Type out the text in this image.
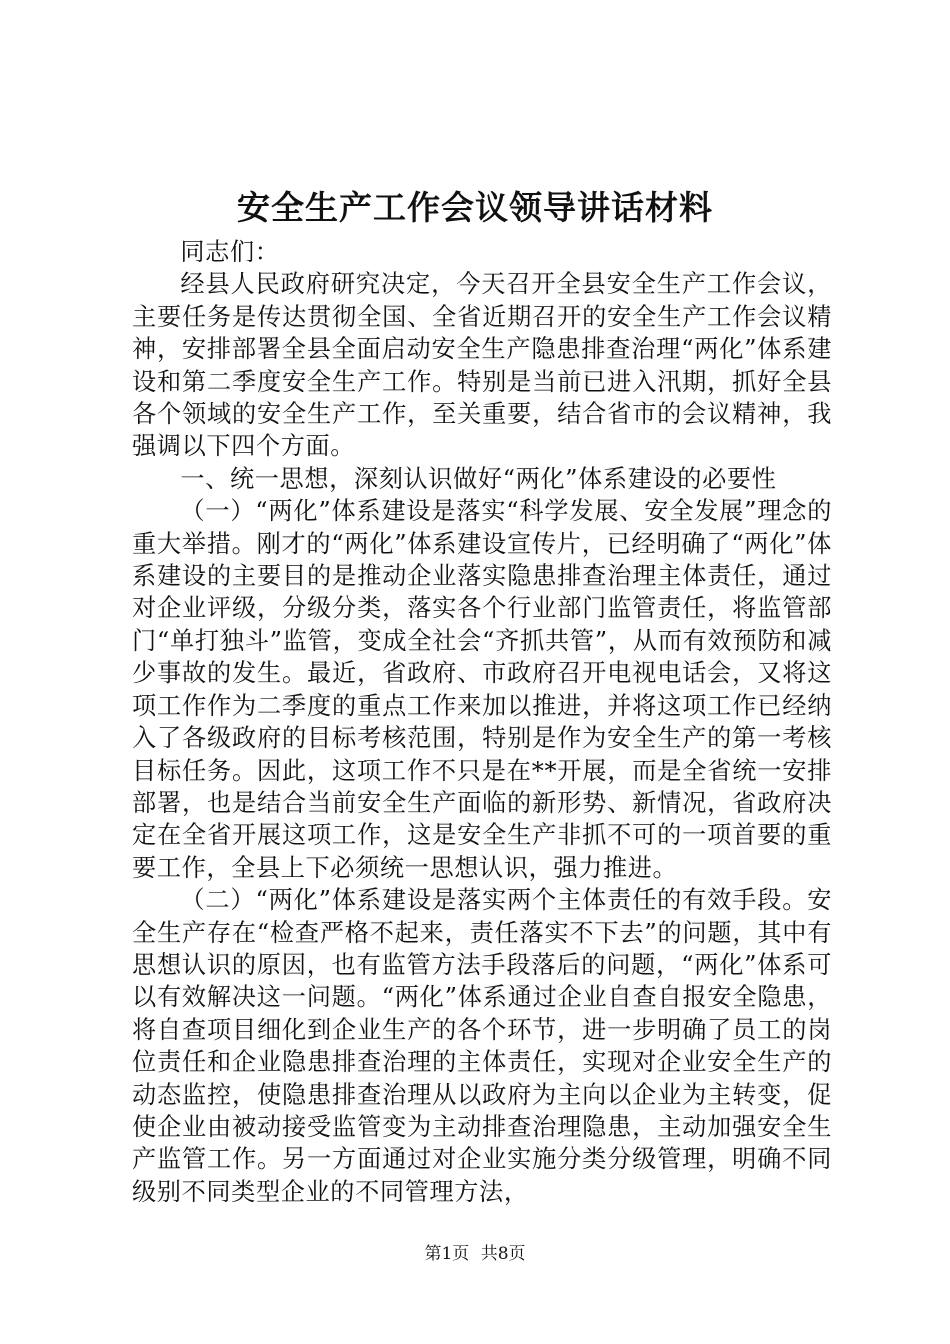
安全生产工作会议领导讲话材料

同志们：

经县人民政府研究决定，今天召开全县安全生产工作会议，主要任务是传达贯彻全国、全省近期召开的安全生产工作会议精神，安排部署全县全面启动安全生产隐患排查治理“两化”体系建设和第二季度安全生产工作。特别是当前已进入汛期，抓好全县各个领域的安全生产工作，至关重要，结合省市的会议精神，我强调以下四个方面。

一、统一思想，深刻认识做好“两化”体系建设的必要性

（一）“两化”体系建设是落实“科学发展、安全发展”理念的重大举措。刚才的“两化”体系建设宣传片，已经明确了“两化”体系建设的主要目的是推动企业落实隐患排查治理主体责任，通过对企业评级，分级分类，落实各个行业部门监管责任，将监管部门“单打独斗”监管，变成全社会“齐抓共管”，从而有效预防和减少事故的发生。最近，省政府、市政府召开电视电话会，又将这项工作作为二季度的重点工作来加以推进，并将这项工作已经纳入了各级政府的目标考核范围，特别是作为安全生产的第一考核目标任务。因此，这项工作不只是在**开展，而是全省统一安排部署，也是结合当前安全生产面临的新形势、新情况，省政府决定在全省开展这项工作，这是安全生产非抓不可的一项首要的重要工作，全县上下必须统一思想认识，强力推进。

（二）“两化”体系建设是落实两个主体责任的有效手段。安全生产存在“检查严格不起来，责任落实不下去”的问题，其中有思想认识的原因，也有监管方法手段落后的问题，“两化”体系可以有效解决这一问题。“两化”体系通过企业自查自报安全隐患，将自查项目细化到企业生产的各个环节，进一步明确了员工的岗位责任和企业隐患排查治理的主体责任，实现对企业安全生产的动态监控，使隐患排查治理从以政府为主向以企业为主转变，促使企业由被动接受监管变为主动排查治理隐患，主动加强安全生产监管工作。另一方面通过对企业实施分类分级管理，明确不同级别不同类型企业的不同管理方法，

第1页 共8页
